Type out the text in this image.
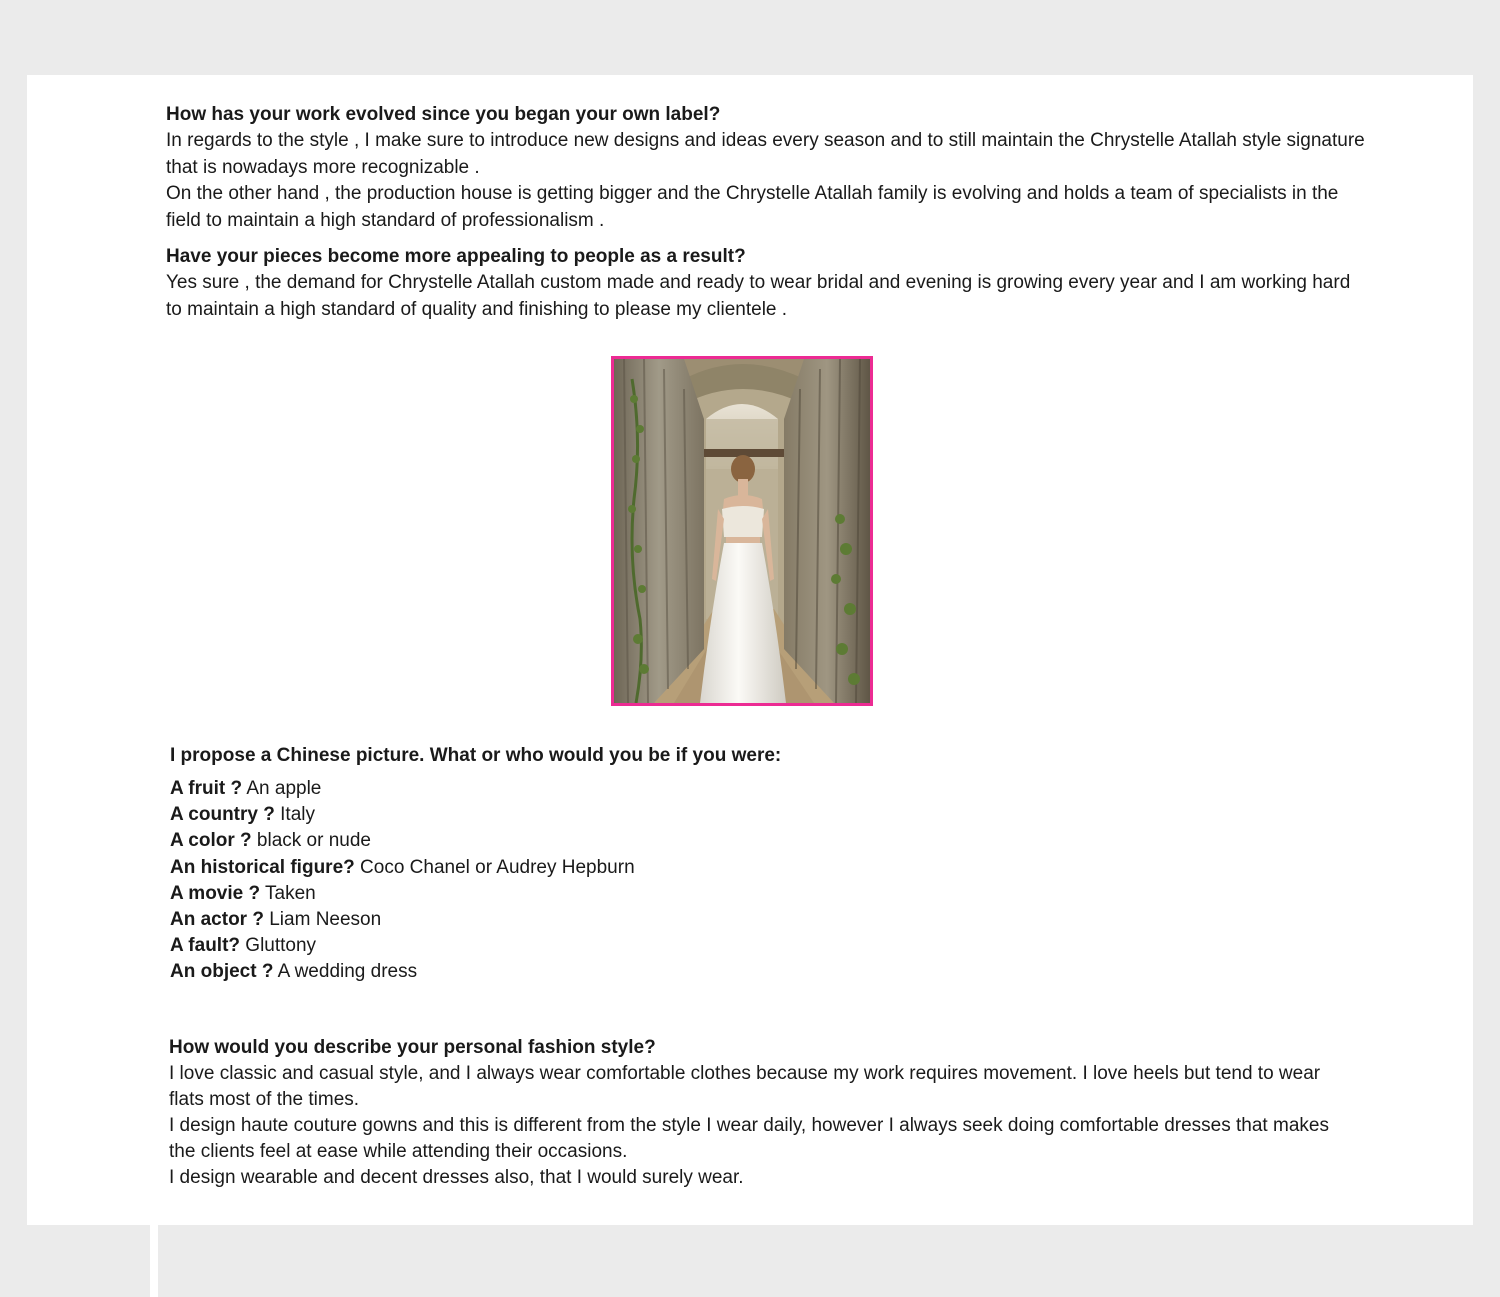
How has your work evolved since you began your own label?

In regards to the style , I make sure to introduce new designs and ideas every season and to still maintain the Chrystelle Atallah style signature that is nowadays more recognizable .

On the other hand , the production house is getting bigger and the Chrystelle Atallah family is evolving and holds a team of specialists in the field to maintain a high standard of professionalism .

Have your pieces become more appealing to people as a result?

Yes sure , the demand for Chrystelle Atallah custom made and ready to wear bridal and evening is growing every year and I am working hard to maintain a high standard of quality and finishing to please my clientele .

I propose a Chinese picture. What or who would you be if you were:

A fruit ? An apple

A country ? Italy

A color ? black or nude

An historical figure? Coco Chanel or Audrey Hepburn

A movie ? Taken

An actor ? Liam Neeson

A fault? Gluttony

An object ? A wedding dress

How would you describe your personal fashion style?

I love classic and casual style, and I always wear comfortable clothes because my work requires movement. I love heels but tend to wear flats most of the times.

I design haute couture gowns and this is different from the style I wear daily, however I always seek doing comfortable dresses that makes the clients feel at ease while attending their occasions.

I design wearable and decent dresses also, that I would surely wear.
